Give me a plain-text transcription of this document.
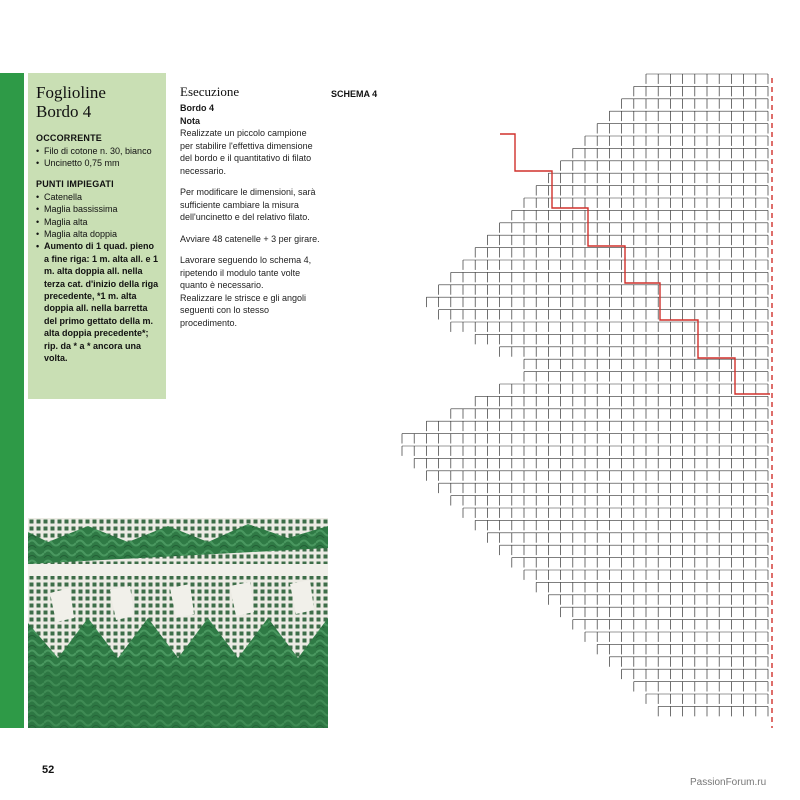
Foglioline
Bordo 4
OCCORRENTE
• Filo di cotone n. 30, bianco
• Uncinetto 0,75 mm
PUNTI IMPIEGATI
• Catenella
• Maglia bassissima
• Maglia alta
• Maglia alta doppia
• Aumento di 1 quad. pieno a fine riga: 1 m. alta all. e 1 m. alta doppia all. nella terza cat. d'inizio della riga precedente, *1 m. alta doppia all. nella barretta del primo gettato della m. alta doppia precedente*; rip. da * a * ancora una volta.
Esecuzione
Bordo 4
Nota

Realizzate un piccolo campione per stabilire l'effettiva dimensione del bordo e il quantitativo di filato necessario.

Per modificare le dimensioni, sarà sufficiente cambiare la misura dell'uncinetto e del relativo filato.

Avviare 48 catenelle + 3 per girare.

Lavorare seguendo lo schema 4, ripetendo il modulo tante volte quanto è necessario.

Realizzare le strisce e gli angoli seguenti con lo stesso procedimento.

SCHEMA 4
52
PassionForum.ru
